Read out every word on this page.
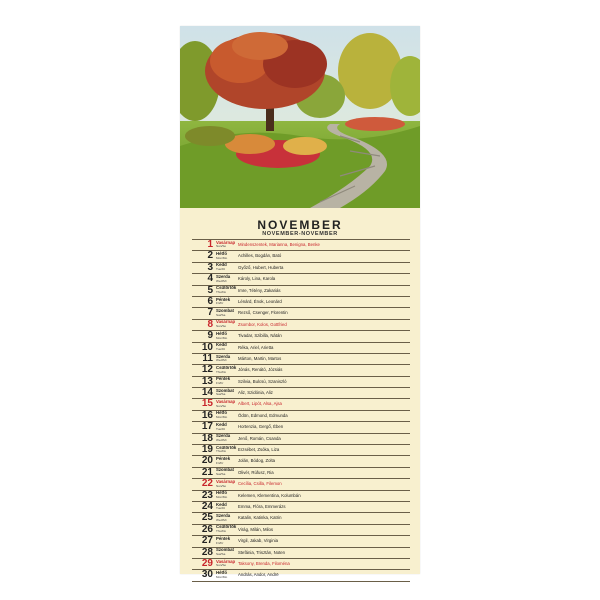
NOVEMBER
NOVEMBER-NOVEMBER
1 Vasárnap
Sun/So	Mindenszentek, Marianna, Benigna, Benke
2 Hétfő
Mon/Mo	Achilles, Bogdán, Bató
3 Kedd
Tue/Di	Győző, Hubert, Huberta
4 Szerda
Wed/Mi	Károly, Lina, Karola
5 Csütörtök
Thu/Do	Imre, Tétény, Zakariás
6 Péntek
Fri/Fr	Lénárd, Énok, Leonárd
7 Szombat
Sat/Sa	Rezső, Csenger, Florentin
8 Vasárnap
Sun/So	Zsombor, Kolos, Gottfried
9 Hétfő
Mon/Mo	Tivadar, Szibilla, Nátán
10 Kedd
Tue/Di	Réka, Ariel, Arietta
11 Szerda
Wed/Mi	Márton, Martin, Martos
12 Csütörtök
Thu/Do	Jónás, Renátó, Józsiás
13 Péntek
Fri/Fr	Szilvia, Bulcsú, Szaniszló
14 Szombat
Sat/Sa	Aliz, Szidónia, Aliz
15 Vasárnap
Sun/So	Albert, Lipót, Alsa, Ajsa
16 Hétfő
Mon/Mo	Ödön, Edmond, Edmunda
17 Kedd
Tue/Di	Hortenzia, Gergő, Ében
18 Szerda
Wed/Mi	Jenő, Román, Csanda
19 Csütörtök
Thu/Do	Erzsébet, Zsóka, Liza
20 Péntek
Fri/Fr	Jolán, Bódog, Zolta
21 Szombat
Sat/Sa	Olivér, Rúfusz, Ria
22 Vasárnap
Sun/So	Cecília, Csilla, Filemon
23 Hétfő
Mon/Mo	Kelemen, Klementina, Kolumbán
24 Kedd
Tue/Di	Emma, Flóra, Emmerázs
25 Szerda
Wed/Mi	Katalin, Katinka, Katrin
26 Csütörtök
Thu/Do	Virág, Milán, Milos
27 Péntek
Fri/Fr	Virgil, Jakab, Virginia
28 Szombat
Sat/Sa	Stefánia, Trisztán, Noten
29 Vasárnap
Sun/So	Taksony, Brenda, Filoména
30 Hétfő
Mon/Mo	András, Andor, Andrё
